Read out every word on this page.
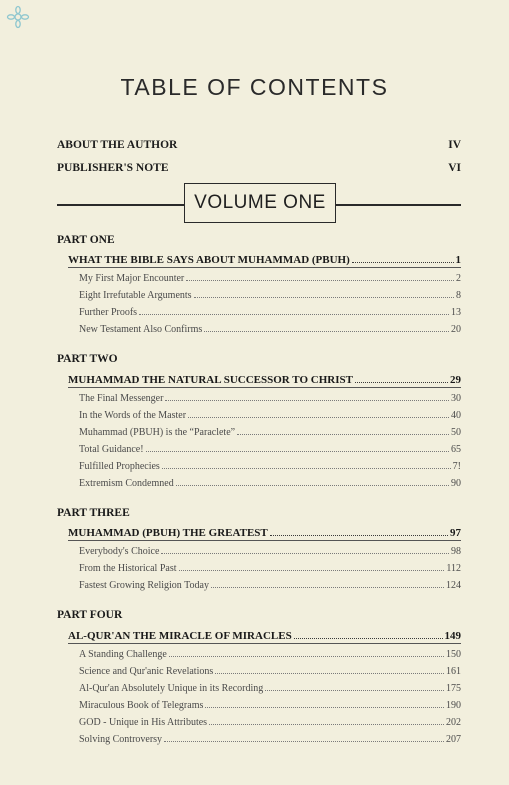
TABLE OF CONTENTS
ABOUT THE AUTHOR	IV
PUBLISHER'S NOTE	VI
VOLUME ONE
PART ONE
WHAT THE BIBLE SAYS ABOUT MUHAMMAD (PBUH)	1
My First Major Encounter	2
Eight Irrefutable Arguments	8
Further Proofs	13
New Testament Also Confirms	20
PART TWO
MUHAMMAD THE NATURAL SUCCESSOR TO CHRIST	29
The Final Messenger	30
In the Words of the Master	40
Muhammad (PBUH) is the “Paraclete”	50
Total Guidance!	65
Fulfilled Prophecies	7!
Extremism Condemned	90
PART THREE
MUHAMMAD (PBUH) THE GREATEST	97
Everybody's Choice	98
From the Historical Past	112
Fastest Growing Religion Today	124
PART FOUR
AL-QUR'AN THE MIRACLE OF MIRACLES	149
A Standing Challenge	150
Science and Qur'anic Revelations	161
Al-Qur'an Absolutely Unique in its Recording	175
Miraculous Book of Telegrams	190
GOD - Unique in His Attributes	202
Solving Controversy	207
